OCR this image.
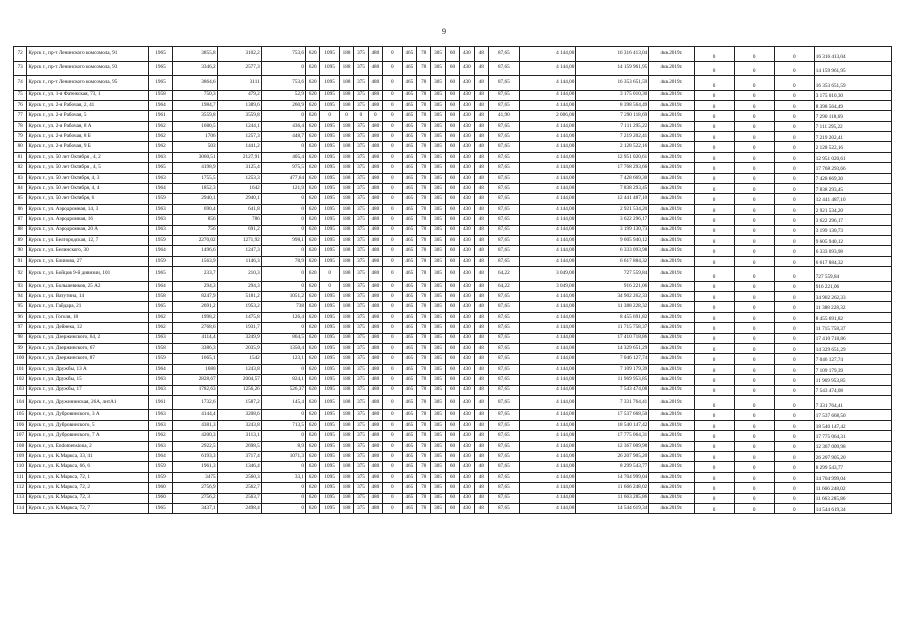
9
72	Курск г., пр-т Ленинского комсомола, 91	1965	3855,8	3102,2	753,6	620	1095	188	375	480	0	465	78	305	60	430	48	87,65	4 144,00	16 316 413,04	4кв.2019г.	0	0	0	16 316 413,04
73	Курск г., пр-т Ленинского комсомола, 93	1965	3346,2	2577,3	0	620	1095	188	375	480	0	465	78	305	60	430	48	87,65	4 144,00	14 159 961,95	4кв.2019г.	0	0	0	14 159 961,95
74	Курск г., пр-т Ленинского комсомола, 95	1965	3864,6	3111	753,6	620	1095	188	375	480	0	465	78	305	60	430	48	87,65	4 144,00	16 353 651,59	4кв.2019г.	0	0	0	16 353 651,59
75	Курск г., ул. 1-я Фатежская, 73, 1	1958	750,3	479,2	52,9	620	1095	188	375	480	0	465	78	305	60	430	48	87,65	4 144,00	3 175 010,30	4кв.2019г.	0	0	0	3 175 010,30
76	Курск г., ул. 2-я Рабочая, 2, 41	1964	1984,7	1389,6	260,9	620	1095	188	375	480	0	465	78	305	60	430	48	87,65	4 144,00	8 398 564,49	4кв.2019г.	0	0	0	8 398 564,49
77	Курск г., ул. 2-я Рабочая, 5	1961	3559,8	3559,8	0	620	0	0	0	0	0	465	78	305	60	430	48	41,90	2 006,00	7 290 118,69	4кв.2019г.	0	0	0	7 290 118,69
78	Курск г., ул. 2-я Рабочая, 8 А	1962	1680,5	1244,1	436,4	620	1095	188	375	480	0	465	78	305	60	430	48	87,65	4 144,00	7 111 295,22	4кв.2019г.	0	0	0	7 111 295,22
79	Курск г., ул. 2-я Рабочая, 8 Б	1962	1706	1257,3	448,7	620	1095	188	375	480	0	465	78	305	60	430	48	87,65	4 144,00	7 219 202,41	4кв.2019г.	0	0	0	7 219 202,41
80	Курск г., ул. 2-я Рабочая, 9 Б	1962	503	1441,2	0	620	1095	188	375	480	0	465	78	305	60	430	48	87,65	4 144,00	2 128 522,16	4кв.2019г.	0	0	0	2 128 522,16
81	Курск г., ул. 50 лет Октября , 4, 2	1963	3060,51	2127,91	405,4	620	1095	188	375	480	0	465	78	305	60	430	48	87,65	4 144,00	12 951 020,61	4кв.2019г.	0	0	0	12 951 020,61
82	Курск г., ул. 50 лет Октября , 4, 5	1965	4198,9	3125,4	975,5	620	1095	188	375	480	0	465	78	305	60	430	48	87,65	4 144,00	17 768 293,66	4кв.2019г.	0	0	0	17 768 293,66
83	Курск г., ул. 50 лет Октября, 4, 3	1963	1755,5	1253,3	477,64	620	1095	188	375	480	0	465	78	305	60	430	48	87,65	4 144,00	7 428 669,30	4кв.2019г.	0	0	0	7 428 669,30
84	Курск г., ул. 50 лет Октября, 4, 4	1964	1852,3	1642	121,9	620	1095	188	375	480	0	465	78	305	60	430	48	87,65	4 144,00	7 838 293,45	4кв.2019г.	0	0	0	7 838 293,45
85	Курск г., ул. 50 лет Октября, 6	1959	2940,1	2940,1	0	620	1095	188	375	480	0	465	78	305	60	430	48	87,65	4 144,00	12 441 487,10	4кв.2019г.	0	0	0	12 441 487,10
86	Курск г., ул. Аэродромная, 14, 3	1963	690,4	641,8	0	620	1095	188	375	480	0	465	78	305	60	430	48	87,65	4 144,00	2 921 534,20	4кв.2019г.	0	0	0	2 921 534,20
87	Курск г., ул. Аэродромная, 16	1963	856	786	0	620	1095	188	375	480	0	465	78	305	60	430	48	87,65	4 144,00	3 622 296,17	4кв.2019г.	0	0	0	3 622 296,17
88	Курск г., ул. Аэродромная, 20 А	1963	756	691,2	0	620	1095	188	375	480	0	465	78	305	60	430	48	87,65	4 144,00	3 199 130,73	4кв.2019г.	0	0	0	3 199 130,73
89	Курск г., ул. Белгородская, 12, 7	1959	2270,02	1271,92	998,1	620	1095	188	375	480	0	465	78	305	60	430	48	87,65	4 144,00	9 605 940,12	4кв.2019г.	0	0	0	9 605 940,12
90	Курск г., ул. Белинского, 30	1964	1496,6	1247,3	0	620	1095	188	375	480	0	465	78	305	60	430	48	87,65	4 144,00	6 333 093,98	4кв.2019г.	0	0	0	6 333 093,98
91	Курск г., ул. Блинова, 27	1959	1563,9	1146,3	78,9	620	1095	188	375	480	0	465	78	305	60	430	48	87,65	4 144,00	6 617 884,32	4кв.2019г.	0	0	0	6 617 884,32
92	Курск г., ул. Бойцов 9-й дивизии, 101	1965	233,7	210,3	0	620	0	188	375	480	0	465	78	305	60	430	48	64,22	3 049,00	727 559,84	4кв.2019г.	0	0	0	727 559,84
93	Курск г., ул. Большевиков, 25 А2	1964	294,3	294,3	0	620	0	188	375	480	0	465	78	305	60	430	48	64,22	3 049,00	916 221,06	4кв.2019г.	0	0	0	916 221,06
94	Курск г., ул. Ватутина, 14	1958	8247,9	5181,2	1051,2	620	1095	188	375	480	0	465	78	305	60	430	48	87,65	4 144,00	34 902 262,33	4кв.2019г.	0	0	0	34 902 262,33
95	Курск г., ул. Гайдара, 21	1965	2691,2	1953,2	738	620	1095	188	375	480	0	465	78	305	60	430	48	87,65	4 144,00	11 388 228,32	4кв.2019г.	0	0	0	11 388 228,32
96	Курск г., ул. Гоголя, 18	1962	1998,2	1475,8	126,4	620	1095	188	375	480	0	465	78	305	60	430	48	87,65	4 144,00	8 455 691,82	4кв.2019г.	0	0	0	8 455 691,82
97	Курск г., ул. Дейнека, 12	1962	2768,6	1931,7	0	620	1095	188	375	480	0	465	78	305	60	430	48	87,65	4 144,00	11 715 758,37	4кв.2019г.	0	0	0	11 715 758,37
98	Курск г., ул. Дзержинского, 64, 2	1963	4114,4	3249,9	864,5	620	1095	188	375	480	0	465	78	305	60	430	48	87,65	4 144,00	17 410 718,86	4кв.2019г.	0	0	0	17 410 718,86
99	Курск г., ул. Дзержинского, 67	1958	3386,3	2035,9	1350,4	620	1095	188	375	480	0	465	78	305	60	430	48	87,65	4 144,00	14 329 651,29	4кв.2019г.	0	0	0	14 329 651,29
100	Курск г., ул. Дзержинского, 87	1959	1665,1	1542	123,1	620	1095	188	375	480	0	465	78	305	60	430	48	87,65	4 144,00	7 046 127,74	4кв.2019г.	0	0	0	7 046 127,74
101	Курск г., ул. Дружбы, 13 А	1964	1680	1243,8	0	620	1095	188	375	480	0	465	78	305	60	430	48	87,65	4 144,00	7 109 179,39	4кв.2019г.	0	0	0	7 109 179,39
102	Курск г., ул. Дружбы, 15	1963	2828,67	2004,57	824,1	620	1095	188	375	480	0	465	78	305	60	430	48	87,65	4 144,00	11 969 953,85	4кв.2019г.	0	0	0	11 969 953,85
103	Курск г., ул. Дружбы, 17	1963	1782,63	1256,26	526,37	620	1095	188	375	480	0	465	78	305	60	430	48	87,65	4 144,00	7 543 474,08	4кв.2019г.	0	0	0	7 543 474,08
104	Курск г., ул. Дружининская, 26А, литА1	1961	1732,6	1587,2	145,4	620	1095	188	375	480	0	465	78	305	60	430	48	87,65	4 144,00	7 331 764,41	4кв.2019г.	0	0	0	7 331 764,41
105	Курск г., ул. Дубровинского, 3 А	1963	4144,4	3208,6	0	620	1095	188	375	480	0	465	78	305	60	430	48	87,65	4 144,00	17 537 668,50	4кв.2019г.	0	0	0	17 537 668,50
106	Курск г., ул. Дубровинского, 5	1963	4381,3	3243,8	713,5	620	1095	188	375	480	0	465	78	305	60	430	48	87,65	4 144,00	18 540 147,42	4кв.2019г.	0	0	0	18 540 147,42
107	Курск г., ул. Дубровинского, 7 А	1962	4200,3	3113,1	0	620	1095	188	375	480	0	465	78	305	60	430	48	87,65	4 144,00	17 775 064,31	4кв.2019г.	0	0	0	17 775 064,31
108	Курск г., ул. Endomensiona, 2	1963	2922,5	2698,5	8,9	620	1095	188	375	480	0	465	78	305	60	430	48	87,65	4 144,00	12 367 009,98	4кв.2019г.	0	0	0	12 367 009,98
109	Курск г., ул. К.Маркса, 33, 41	1964	6193,3	3717,4	1071,3	620	1095	188	375	480	0	465	78	305	60	430	48	87,65	4 144,00	26 207 905,20	4кв.2019г.	0	0	0	26 207 905,20
110	Курск г., ул. К.Маркса, 66, 6	1959	1961,3	1346,4	0	620	1095	188	375	480	0	465	78	305	60	430	48	87,65	4 144,00	8 299 543,77	4кв.2019г.	0	0	0	8 299 543,77
111	Курск г., ул. К.Маркса, 72, 1	1959	3475	2560,3	33,1	620	1095	188	375	480	0	465	78	305	60	430	48	87,65	4 144,00	14 704 999,04	4кв.2019г.	0	0	0	14 704 999,04
112	Курск г., ул. К.Маркса, 72, 2	1960	2756,9	2562,7	0	620	1095	188	375	480	0	465	78	305	60	430	48	87,65	4 144,00	11 666 248,02	4кв.2019г.	0	0	0	11 666 248,02
113	Курск г., ул. К.Маркса, 72, 3	1960	2756,2	2563,7	0	620	1095	188	375	480	0	465	78	305	60	430	48	87,65	4 144,00	11 663 285,86	4кв.2019г.	0	0	0	11 663 285,86
114	Курск г., ул. К.Маркса, 72, 7	1965	3437,1	2498,4	0	620	1095	188	375	480	0	465	78	305	60	430	48	87,65	4 144,00	14 544 619,34	4кв.2019г.	0	0	0	14 544 619,34
